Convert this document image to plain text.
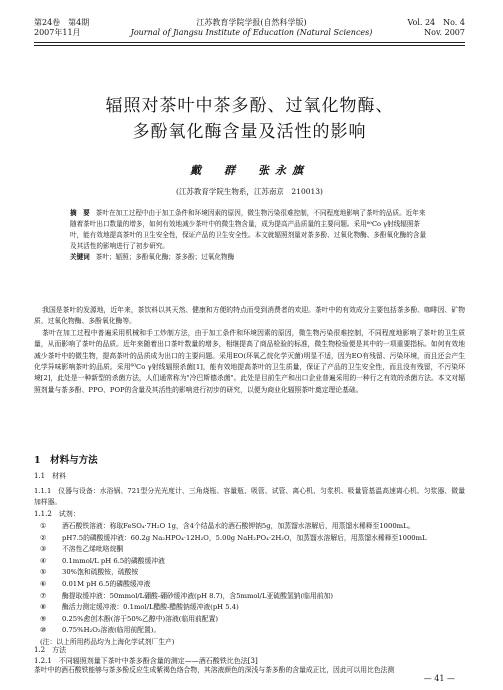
第24卷　第4期
2007年11月
江苏教育学院学报(自然科学版)
Journal of Jiangsu Institute of Education (Natural Sciences)
Vol. 24　No. 4
Nov. 2007
辐照对茶叶中茶多酚、过氧化物酶、
多酚氧化酶含量及活性的影响
戴　群　张永旗
(江苏教育学院生物系，江苏南京　210013)
摘　要 茶叶在加工过程中由于加工条件和环境因素的原因，微生物污染很难控制，不同程度地影响了茶叶的品质。近年来随着茶叶出口数量的增多，如何有效地减少茶叶中的微生物含量，成为提高产品质量的主要问题。采用⁶⁰Co γ射线辐照茶叶，能有效地提高茶叶的卫生安全性，保证产品的卫生安全性。本文就辐照剂量对茶多酚、过氧化物酶、多酚氧化酶的含量及其活性的影响进行了初步研究。
关键词 茶叶；辐照；多酚氧化酶；茶多酚；过氧化物酶

我国是茶叶的发源地，近年来，茶饮料以其天然、健康和方便的特点而受到消费者的欢迎。茶叶中的有效成分主要包括茶多酚、咖啡因、矿物质、过氧化物酶、多酚氧化酶等。

茶叶在加工过程中普遍采用机械和手工炒制方法，由于加工条件和环境因素的原因，微生物污染很难控制，不同程度地影响了茶叶的卫生质量，从而影响了茶叶的品质。近年来随着出口茶叶数量的增多，相继提高了商品检验的标准，微生物检验便是其中的一项重要指标。如何有效地减少茶叶中的微生物，提高茶叶的品质成为出口的主要问题。采用EO(环氧乙烷化学灭菌)明显不适，因为EO有残留、污染环境，而且还会产生化学异味影响茶叶的品质。采用⁶⁰Co γ射线辐照杀菌[1]，能有效地提高茶叶的卫生质量，保证了产品的卫生安全性，而且没有残留，不污染环境[2]，此处是一种新型的杀菌方法，人们通常称为"冷巴斯德杀菌"。此处是目前生产和出口企业普遍采用的一种行之有效的杀菌方法。本文对辐照剂量与茶多酚、PPO、POP的含量及其活性的影响进行初步的研究，以便为商业化辐照茶叶奠定理论基础。

1　材料与方法
1.1　材料
1.1.1　仪器与设备：水浴锅、721型分光光度计、三角烧瓶、容量瓶、吸管、试管、离心机、匀浆机、吸量管基温高速离心机、匀浆器、微量加样器。
1.1.2　试剂：
①	酒石酸铁溶液：称取FeSO₄·7H₂O 1g，含4个结晶水的酒石酸钾钠5g，加蒸馏水溶解后，用蒸馏水稀释至1000mL。
②	pH7.5的磷酸缓冲液：60.2g Na₂HPO₄·12H₂O，5.00g NaH₂PO₄·2H₂O，加蒸馏水溶解后，用蒸馏水稀释至1000mL
③	不溶性乙烯吡咯烷酮
④	0.1mmol/L pH 6.5的磷酸缓冲液
⑤	30%饱和硫酸铵，硫酸铵
⑥	0.01M pH 6.5的磷酸缓冲液
⑦	酶提取缓冲液：50mmol/L硼酸-硼砂缓冲液(pH 8.7)，含5mmol/L亚硫酸氢钠(临用前加)
⑧	酶活力测定缓冲液：0.1mol/L醋酸-醋酸钠缓冲液(pH 5.4)
⑨	0.25%愈创木酚(溶于50%乙醇中)溶液(临用前配置)
⑩	0.75%H₂O₂溶液(临用前配置)。
(注：以上所用药品均为上海化学试剂厂生产)
1.2　方法
1.2.1　不同辐照剂量下茶叶中茶多酚含量的测定——酒石酸铁比色法[3]
茶叶中的酒石酸铁能够与茶多酚反应生成紫褐色络合物，其溶液颜色的深浅与茶多酚的含量成正比，因此可以用比色法测
— 41 —
